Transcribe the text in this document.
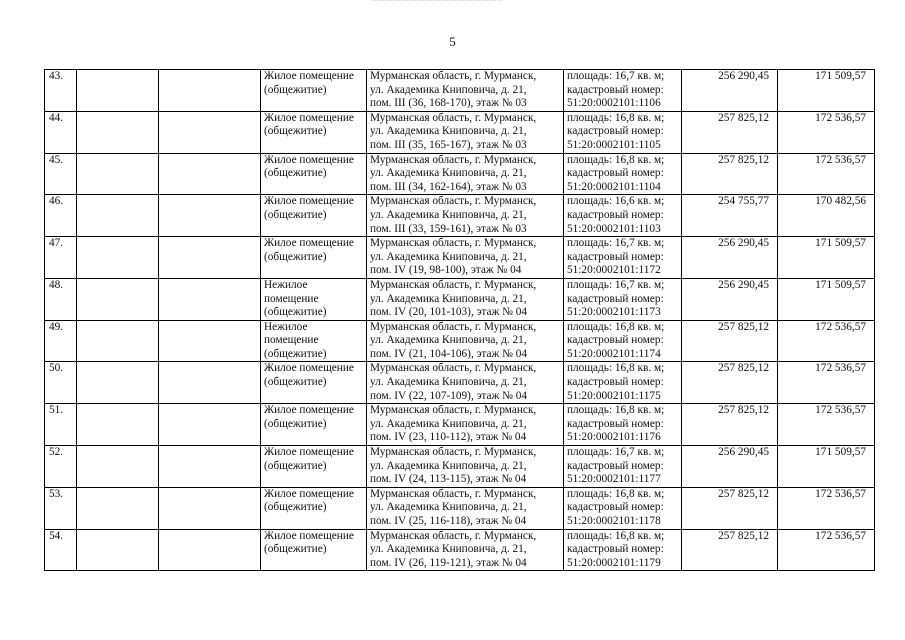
5
43.			Жилое помещение
(общежитие)	Мурманская область, г. Мурманск,
ул. Академика Книповича, д. 21,
пом. III (36, 168-170), этаж № 03	площадь: 16,7 кв. м;
кадастровый номер:
51:20:0002101:1106	256 290,45	171 509,57
44.			Жилое помещение
(общежитие)	Мурманская область, г. Мурманск,
ул. Академика Книповича, д. 21,
пом. III (35, 165-167), этаж № 03	площадь: 16,8 кв. м;
кадастровый номер:
51:20:0002101:1105	257 825,12	172 536,57
45.			Жилое помещение
(общежитие)	Мурманская область, г. Мурманск,
ул. Академика Книповича, д. 21,
пом. III (34, 162-164), этаж № 03	площадь: 16,8 кв. м;
кадастровый номер:
51:20:0002101:1104	257 825,12	172 536,57
46.			Жилое помещение
(общежитие)	Мурманская область, г. Мурманск,
ул. Академика Книповича, д. 21,
пом. III (33, 159-161), этаж № 03	площадь: 16,6 кв. м;
кадастровый номер:
51:20:0002101:1103	254 755,77	170 482,56
47.			Жилое помещение
(общежитие)	Мурманская область, г. Мурманск,
ул. Академика Книповича, д. 21,
пом. IV (19, 98-100), этаж № 04	площадь: 16,7 кв. м;
кадастровый номер:
51:20:0002101:1172	256 290,45	171 509,57
48.			Нежилое
помещение
(общежитие)	Мурманская область, г. Мурманск,
ул. Академика Книповича, д. 21,
пом. IV (20, 101-103), этаж № 04	площадь: 16,7 кв. м;
кадастровый номер:
51:20:0002101:1173	256 290,45	171 509,57
49.			Нежилое
помещение
(общежитие)	Мурманская область, г. Мурманск,
ул. Академика Книповича, д. 21,
пом. IV (21, 104-106), этаж № 04	площадь: 16,8 кв. м;
кадастровый номер:
51:20:0002101:1174	257 825,12	172 536,57
50.			Жилое помещение
(общежитие)	Мурманская область, г. Мурманск,
ул. Академика Книповича, д. 21,
пом. IV (22, 107-109), этаж № 04	площадь: 16,8 кв. м;
кадастровый номер:
51:20:0002101:1175	257 825,12	172 536,57
51.			Жилое помещение
(общежитие)	Мурманская область, г. Мурманск,
ул. Академика Книповича, д. 21,
пом. IV (23, 110-112), этаж № 04	площадь: 16,8 кв. м;
кадастровый номер:
51:20:0002101:1176	257 825,12	172 536,57
52.			Жилое помещение
(общежитие)	Мурманская область, г. Мурманск,
ул. Академика Книповича, д. 21,
пом. IV (24, 113-115), этаж № 04	площадь: 16,7 кв. м;
кадастровый номер:
51:20:0002101:1177	256 290,45	171 509,57
53.			Жилое помещение
(общежитие)	Мурманская область, г. Мурманск,
ул. Академика Книповича, д. 21,
пом. IV (25, 116-118), этаж № 04	площадь: 16,8 кв. м;
кадастровый номер:
51:20:0002101:1178	257 825,12	172 536,57
54.			Жилое помещение
(общежитие)	Мурманская область, г. Мурманск,
ул. Академика Книповича, д. 21,
пом. IV (26, 119-121), этаж № 04	площадь: 16,8 кв. м;
кадастровый номер:
51:20:0002101:1179	257 825,12	172 536,57
